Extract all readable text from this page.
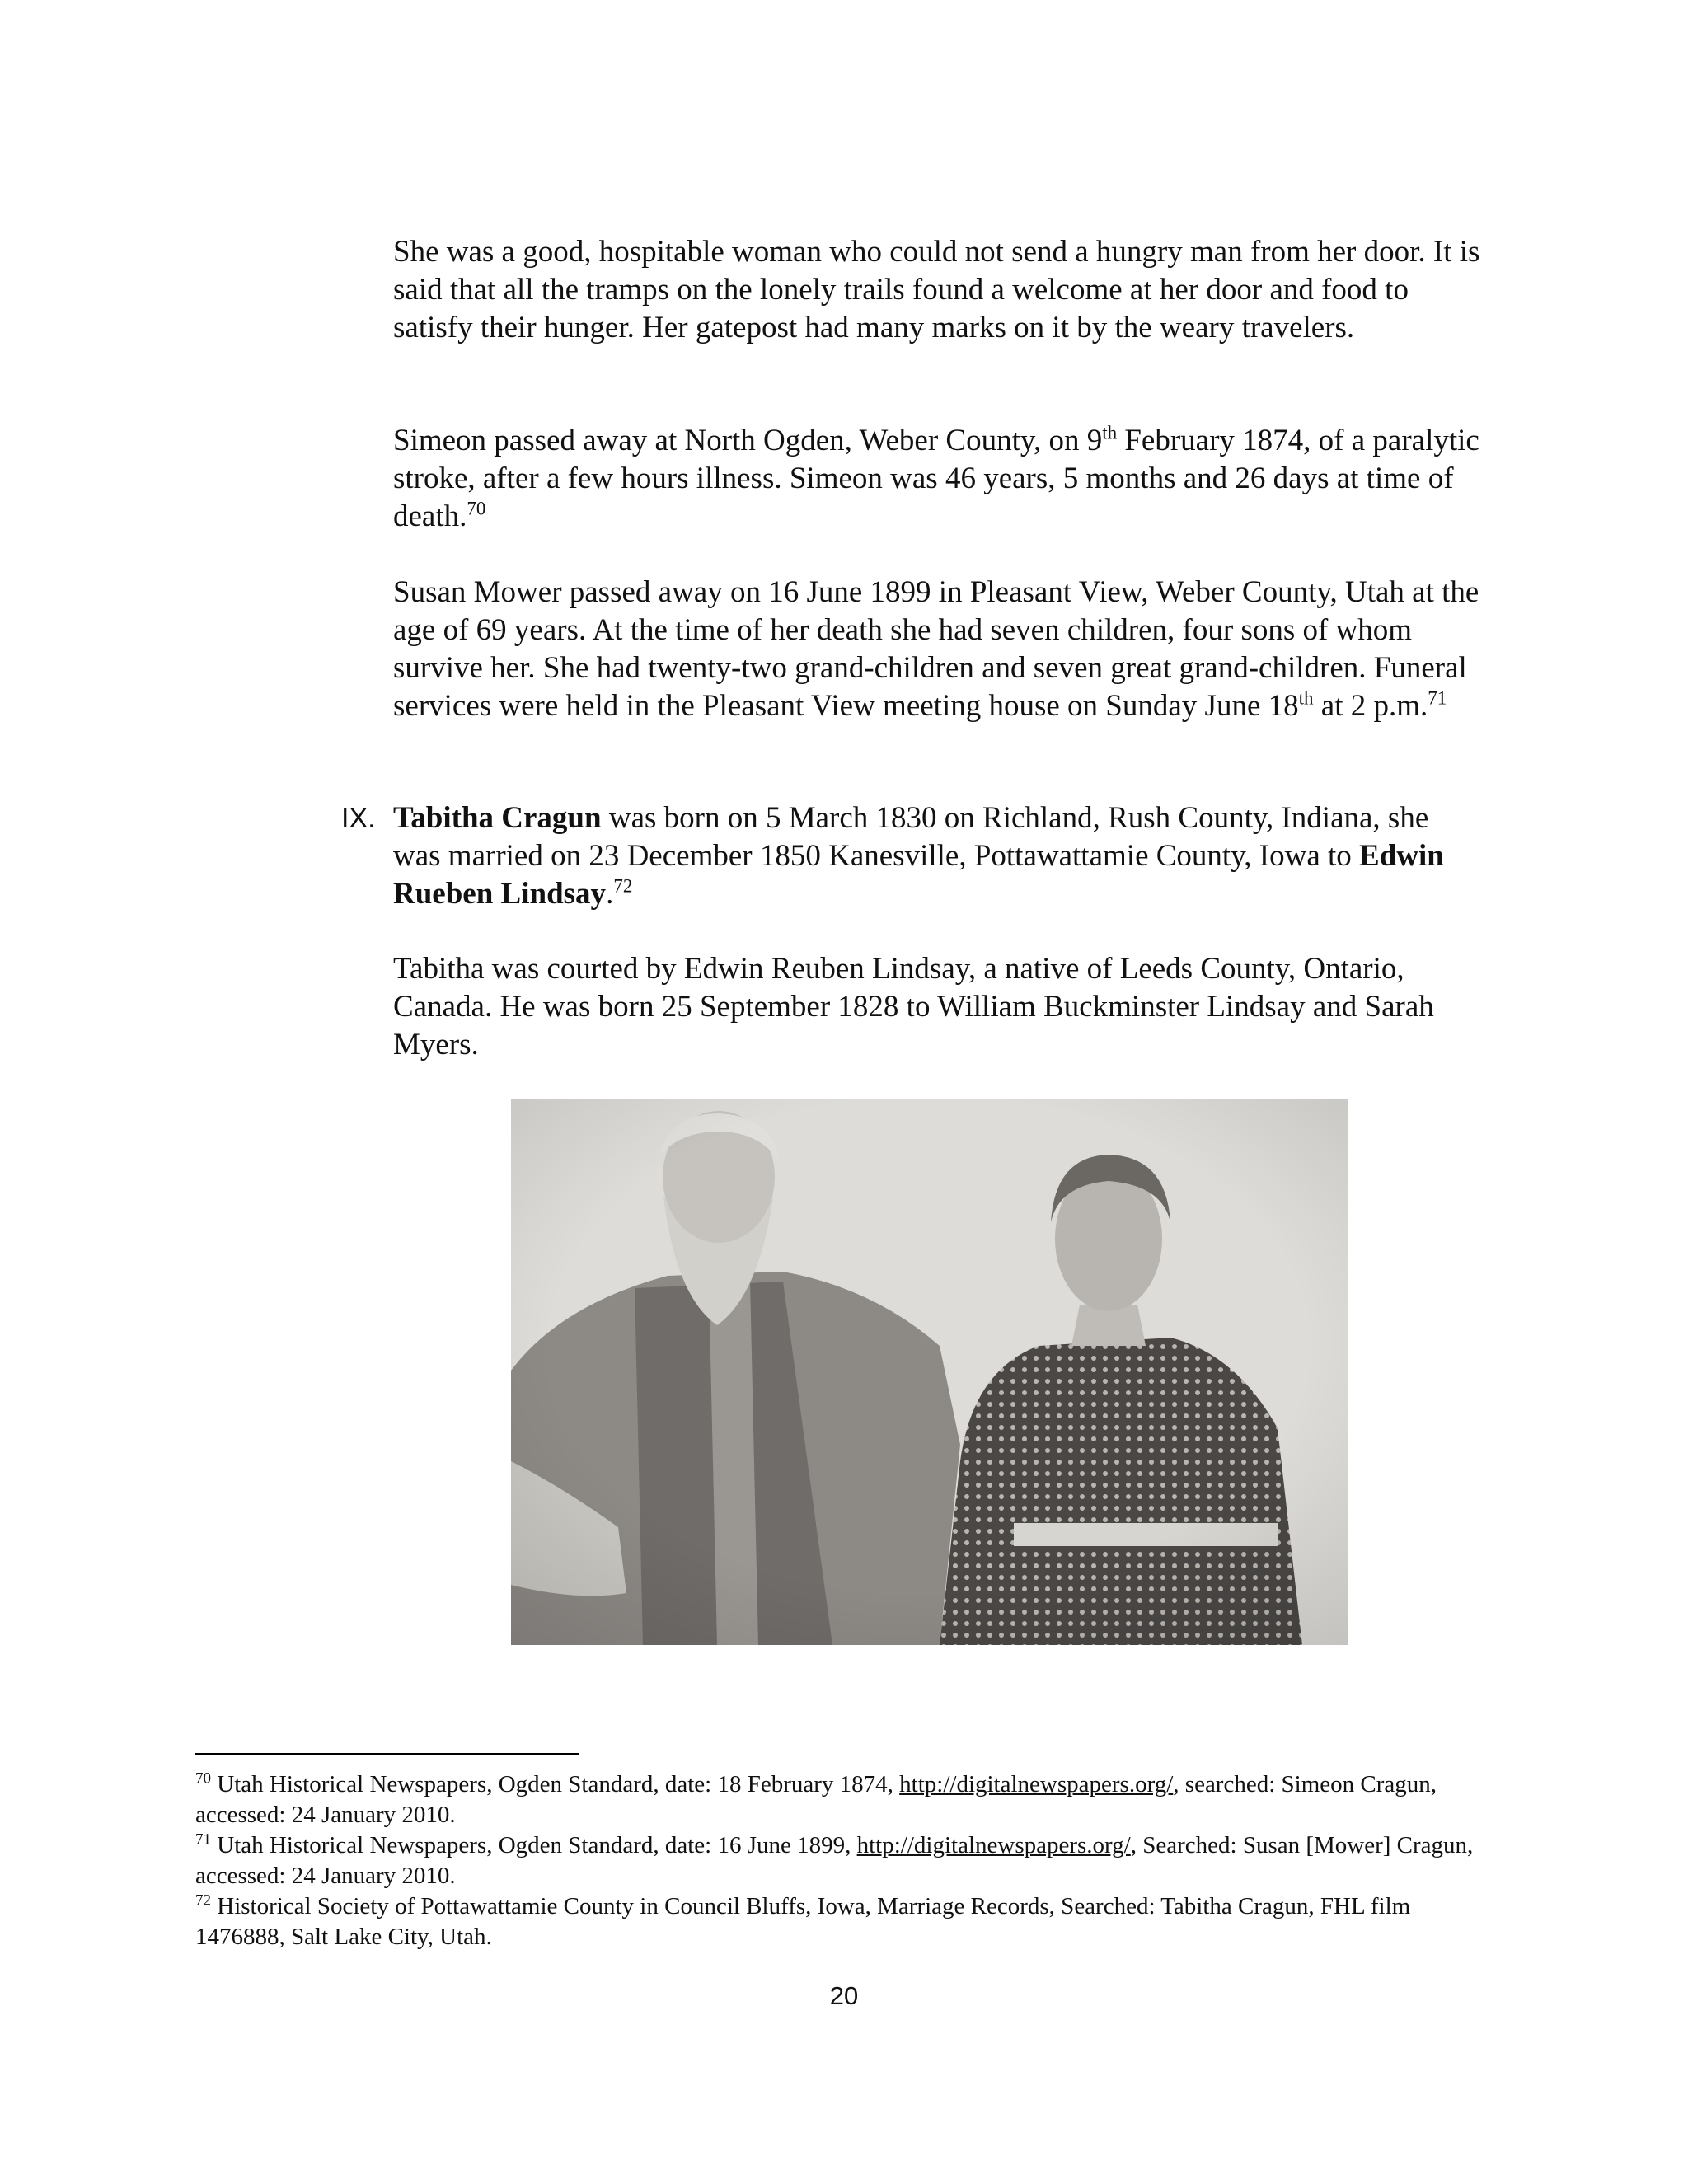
She was a good, hospitable woman who could not send a hungry man from her door. It is said that all the tramps on the lonely trails found a welcome at her door and food to satisfy their hunger. Her gatepost had many marks on it by the weary travelers.

Simeon passed away at North Ogden, Weber County, on 9th February 1874, of a paralytic stroke, after a few hours illness. Simeon was 46 years, 5 months and 26 days at time of death.$^{70}$

Susan Mower passed away on 16 June 1899 in Pleasant View, Weber County, Utah at the age of 69 years. At the time of her death she had seven children, four sons of whom survive her. She had twenty-two grand-children and seven great grand-children. Funeral services were held in the Pleasant View meeting house on Sunday June 18th at 2 p.m.$^{71}$

IX. Tabitha Cragun was born on 5 March 1830 on Richland, Rush County, Indiana, she was married on 23 December 1850 Kanesville, Pottawattamie County, Iowa to Edwin Rueben Lindsay.$^{72}$

Tabitha was courted by Edwin Reuben Lindsay, a native of Leeds County, Ontario, Canada. He was born 25 September 1828 to William Buckminster Lindsay and Sarah Myers.

$^{70}$ Utah Historical Newspapers, Ogden Standard, date: 18 February 1874, http://digitalnewspapers.org/, searched: Simeon Cragun, accessed: 24 January 2010.

$^{71}$ Utah Historical Newspapers, Ogden Standard, date: 16 June 1899, http://digitalnewspapers.org/, Searched: Susan [Mower] Cragun, accessed: 24 January 2010.

$^{72}$ Historical Society of Pottawattamie County in Council Bluffs, Iowa, Marriage Records, Searched: Tabitha Cragun, FHL film 1476888, Salt Lake City, Utah.

20
